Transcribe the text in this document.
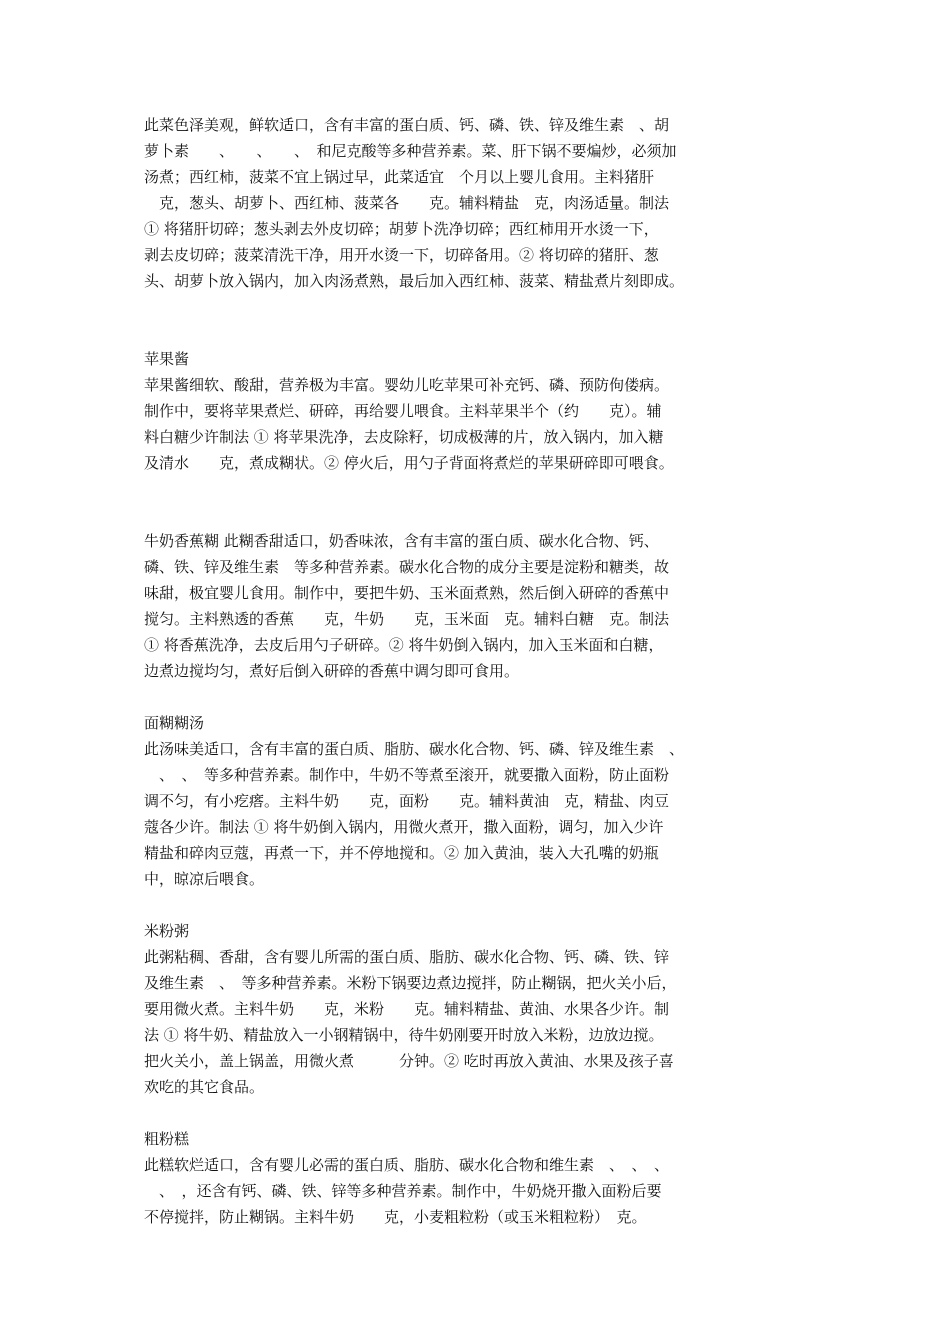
此菜色泽美观，鲜软适口，含有丰富的蛋白质、钙、磷、铁、锌及维生素　、胡
萝卜素　　、　　、　　、　和尼克酸等多种营养素。菜、肝下锅不要煸炒，必须加
汤煮；西红柿，菠菜不宜上锅过早，此菜适宜　个月以上婴儿食用。主料猪肝
　克，葱头、胡萝卜、西红柿、菠菜各　　克。辅料精盐　克，肉汤适量。制法
① 将猪肝切碎；葱头剥去外皮切碎；胡萝卜洗净切碎；西红柿用开水烫一下，
剥去皮切碎；菠菜清洗干净，用开水烫一下，切碎备用。② 将切碎的猪肝、葱
头、胡萝卜放入锅内，加入肉汤煮熟，最后加入西红柿、菠菜、精盐煮片刻即成。
苹果酱
苹果酱细软、酸甜，营养极为丰富。婴幼儿吃苹果可补充钙、磷、预防佝偻病。
制作中，要将苹果煮烂、研碎，再给婴儿喂食。主料苹果半个（约　　克）。辅
料白糖少许制法 ① 将苹果洗净，去皮除籽，切成极薄的片，放入锅内，加入糖
及清水　　克，煮成糊状。② 停火后，用勺子背面将煮烂的苹果研碎即可喂食。
牛奶香蕉糊 此糊香甜适口，奶香味浓，含有丰富的蛋白质、碳水化合物、钙、
磷、铁、锌及维生素　等多种营养素。碳水化合物的成分主要是淀粉和糖类，故
味甜，极宜婴儿食用。制作中，要把牛奶、玉米面煮熟，然后倒入研碎的香蕉中
搅匀。主料熟透的香蕉　　克，牛奶　　克，玉米面　克。辅料白糖　克。制法
① 将香蕉洗净，去皮后用勺子研碎。② 将牛奶倒入锅内，加入玉米面和白糖，
边煮边搅均匀，煮好后倒入研碎的香蕉中调匀即可食用。
面糊糊汤
此汤味美适口，含有丰富的蛋白质、脂肪、碳水化合物、钙、磷、锌及维生素　、
　、　、　等多种营养素。制作中，牛奶不等煮至滚开，就要撒入面粉，防止面粉
调不匀，有小疙瘩。主料牛奶　　克，面粉　　克。辅料黄油　克，精盐、肉豆
蔻各少许。制法 ① 将牛奶倒入锅内，用微火煮开，撒入面粉，调匀，加入少许
精盐和碎肉豆蔻，再煮一下，并不停地搅和。② 加入黄油，装入大孔嘴的奶瓶
中，晾凉后喂食。
米粉粥
此粥粘稠、香甜，含有婴儿所需的蛋白质、脂肪、碳水化合物、钙、磷、铁、锌
及维生素　、　等多种营养素。米粉下锅要边煮边搅拌，防止糊锅，把火关小后，
要用微火煮。主料牛奶　　克，米粉　　克。辅料精盐、黄油、水果各少许。制
法 ① 将牛奶、精盐放入一小钢精锅中，待牛奶刚要开时放入米粉，边放边搅。
把火关小，盖上锅盖，用微火煮　　　分钟。② 吃时再放入黄油、水果及孩子喜
欢吃的其它食品。
粗粉糕
此糕软烂适口，含有婴儿必需的蛋白质、脂肪、碳水化合物和维生素　、　、　、
　、　，还含有钙、磷、铁、锌等多种营养素。制作中，牛奶烧开撒入面粉后要
不停搅拌，防止糊锅。主料牛奶　　克，小麦粗粒粉（或玉米粗粒粉）　克。
